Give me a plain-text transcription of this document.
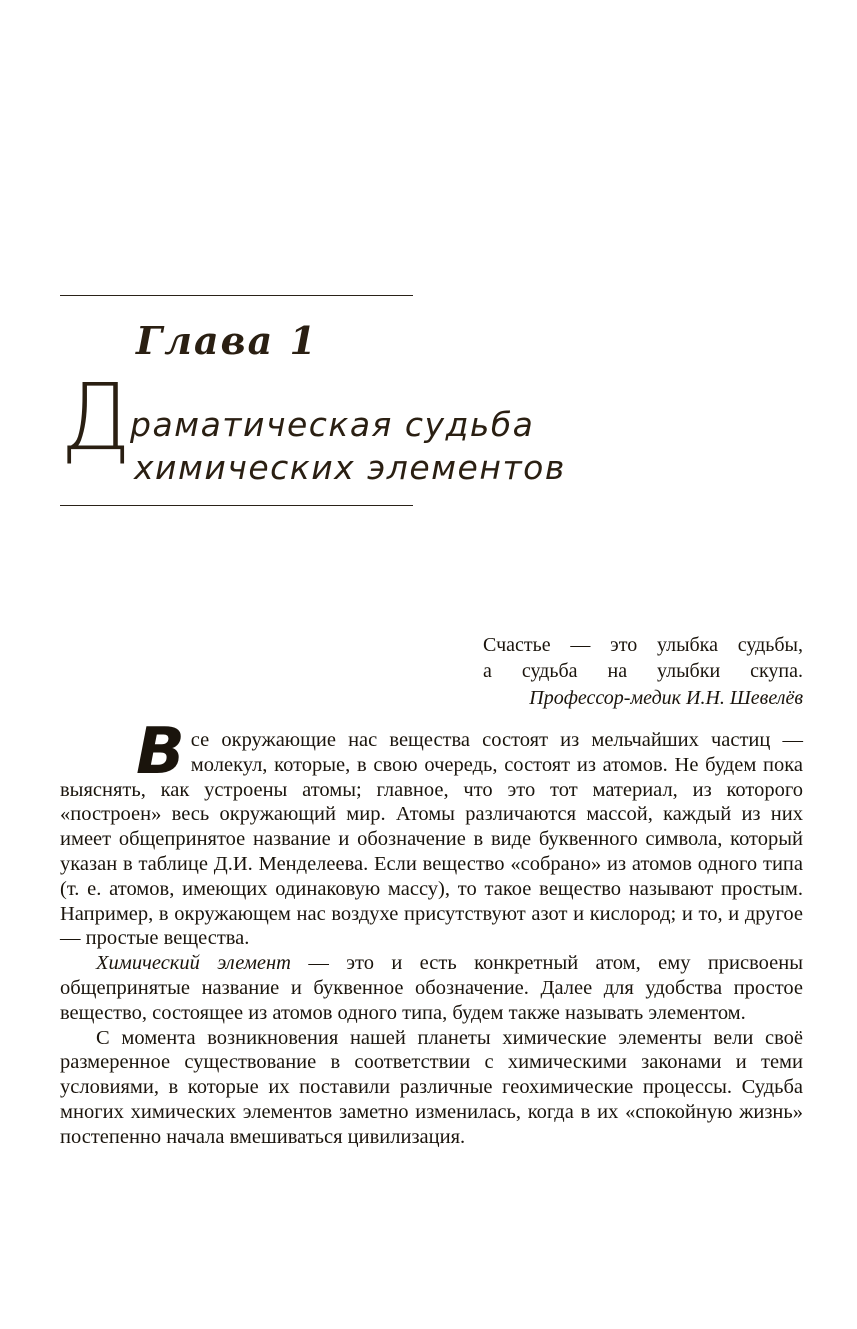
Глава 1
Д
раматическая судьба
химических элементов
Счастье — это улыбка судьбы,
а судьба на улыбки скупа.
Профессор-медик И.Н. Шевелёв

Все окружающие нас вещества состоят из мельчайших частиц — молекул, которые, в свою очередь, состоят из атомов. Не будем пока выяснять, как устроены атомы; главное, что это тот материал, из которого «построен» весь окружающий мир. Атомы различаются массой, каждый из них имеет общепринятое название и обозначение в виде буквенного символа, который указан в таблице Д.И. Менделеева. Если вещество «собрано» из атомов одного типа (т. е. атомов, имеющих одинаковую массу), то такое вещество называют простым. Например, в окружающем нас воздухе присутствуют азот и кислород; и то, и другое — простые вещества.

Химический элемент — это и есть конкретный атом, ему присвоены общепринятые название и буквенное обозначение. Далее для удобства простое вещество, состоящее из атомов одного типа, будем также называть элементом.

С момента возникновения нашей планеты химические элементы вели своё размеренное существование в соответствии с химическими законами и теми условиями, в которые их поставили различные геохимические процессы. Судьба многих химических элементов заметно изменилась, когда в их «спокойную жизнь» постепенно начала вмешиваться цивилизация.
